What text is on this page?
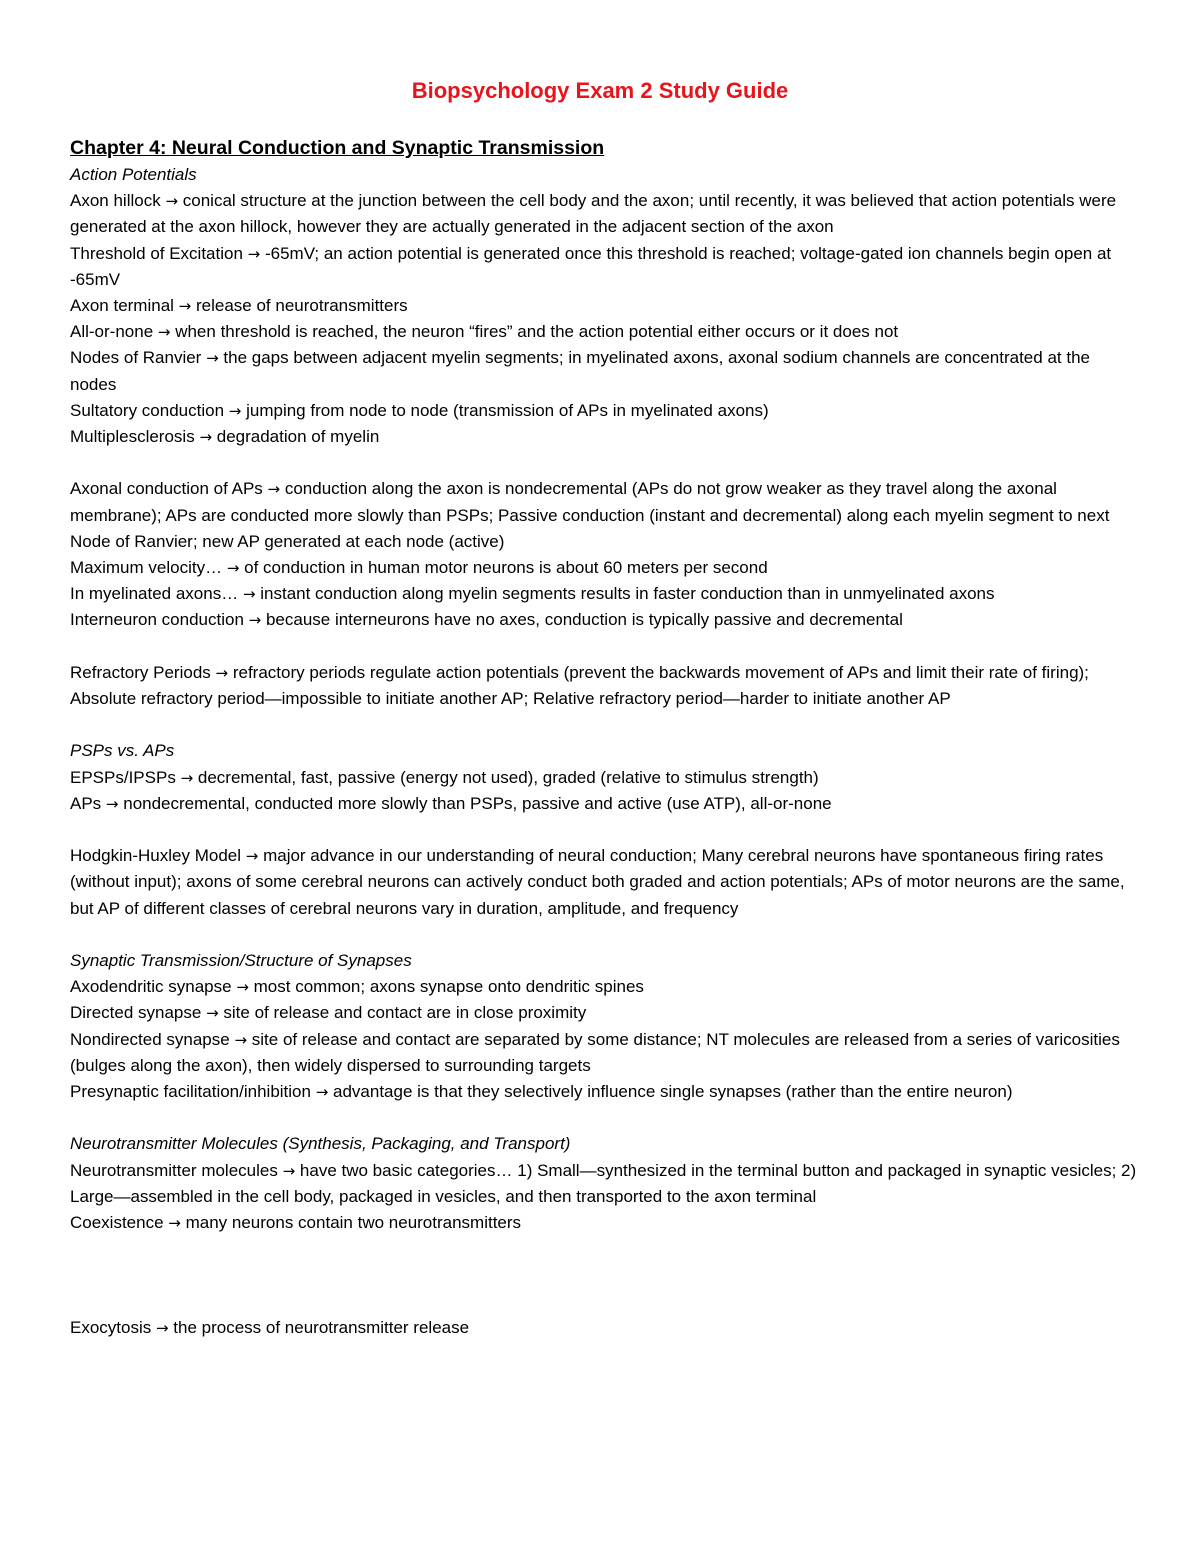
Biopsychology Exam 2 Study Guide
Chapter 4: Neural Conduction and Synaptic Transmission
Action Potentials
Axon hillock → conical structure at the junction between the cell body and the axon; until recently, it was believed that action potentials were generated at the axon hillock, however they are actually generated in the adjacent section of the axon
Threshold of Excitation → -65mV; an action potential is generated once this threshold is reached; voltage-gated ion channels begin open at -65mV
Axon terminal → release of neurotransmitters
All-or-none → when threshold is reached, the neuron “fires” and the action potential either occurs or it does not
Nodes of Ranvier → the gaps between adjacent myelin segments; in myelinated axons, axonal sodium channels are concentrated at the nodes
Sultatory conduction → jumping from node to node (transmission of APs in myelinated axons)
Multiplesclerosis → degradation of myelin
Axonal conduction of APs → conduction along the axon is nondecremental (APs do not grow weaker as they travel along the axonal membrane); APs are conducted more slowly than PSPs; Passive conduction (instant and decremental) along each myelin segment to next Node of Ranvier; new AP generated at each node (active)
Maximum velocity… → of conduction in human motor neurons is about 60 meters per second
In myelinated axons… → instant conduction along myelin segments results in faster conduction than in unmyelinated axons
Interneuron conduction → because interneurons have no axes, conduction is typically passive and decremental
Refractory Periods → refractory periods regulate action potentials (prevent the backwards movement of APs and limit their rate of firing); Absolute refractory period—impossible to initiate another AP; Relative refractory period—harder to initiate another AP
PSPs vs. APs
EPSPs/IPSPs → decremental, fast, passive (energy not used), graded (relative to stimulus strength)
APs → nondecremental, conducted more slowly than PSPs, passive and active (use ATP), all-or-none
Hodgkin-Huxley Model → major advance in our understanding of neural conduction; Many cerebral neurons have spontaneous firing rates (without input); axons of some cerebral neurons can actively conduct both graded and action potentials; APs of motor neurons are the same, but AP of different classes of cerebral neurons vary in duration, amplitude, and frequency
Synaptic Transmission/Structure of Synapses
Axodendritic synapse → most common; axons synapse onto dendritic spines
Directed synapse → site of release and contact are in close proximity
Nondirected synapse → site of release and contact are separated by some distance; NT molecules are released from a series of varicosities (bulges along the axon), then widely dispersed to surrounding targets
Presynaptic facilitation/inhibition → advantage is that they selectively influence single synapses (rather than the entire neuron)
Neurotransmitter Molecules (Synthesis, Packaging, and Transport)
Neurotransmitter molecules → have two basic categories… 1) Small—synthesized in the terminal button and packaged in synaptic vesicles; 2) Large—assembled in the cell body, packaged in vesicles, and then transported to the axon terminal
Coexistence → many neurons contain two neurotransmitters
Exocytosis → the process of neurotransmitter release
